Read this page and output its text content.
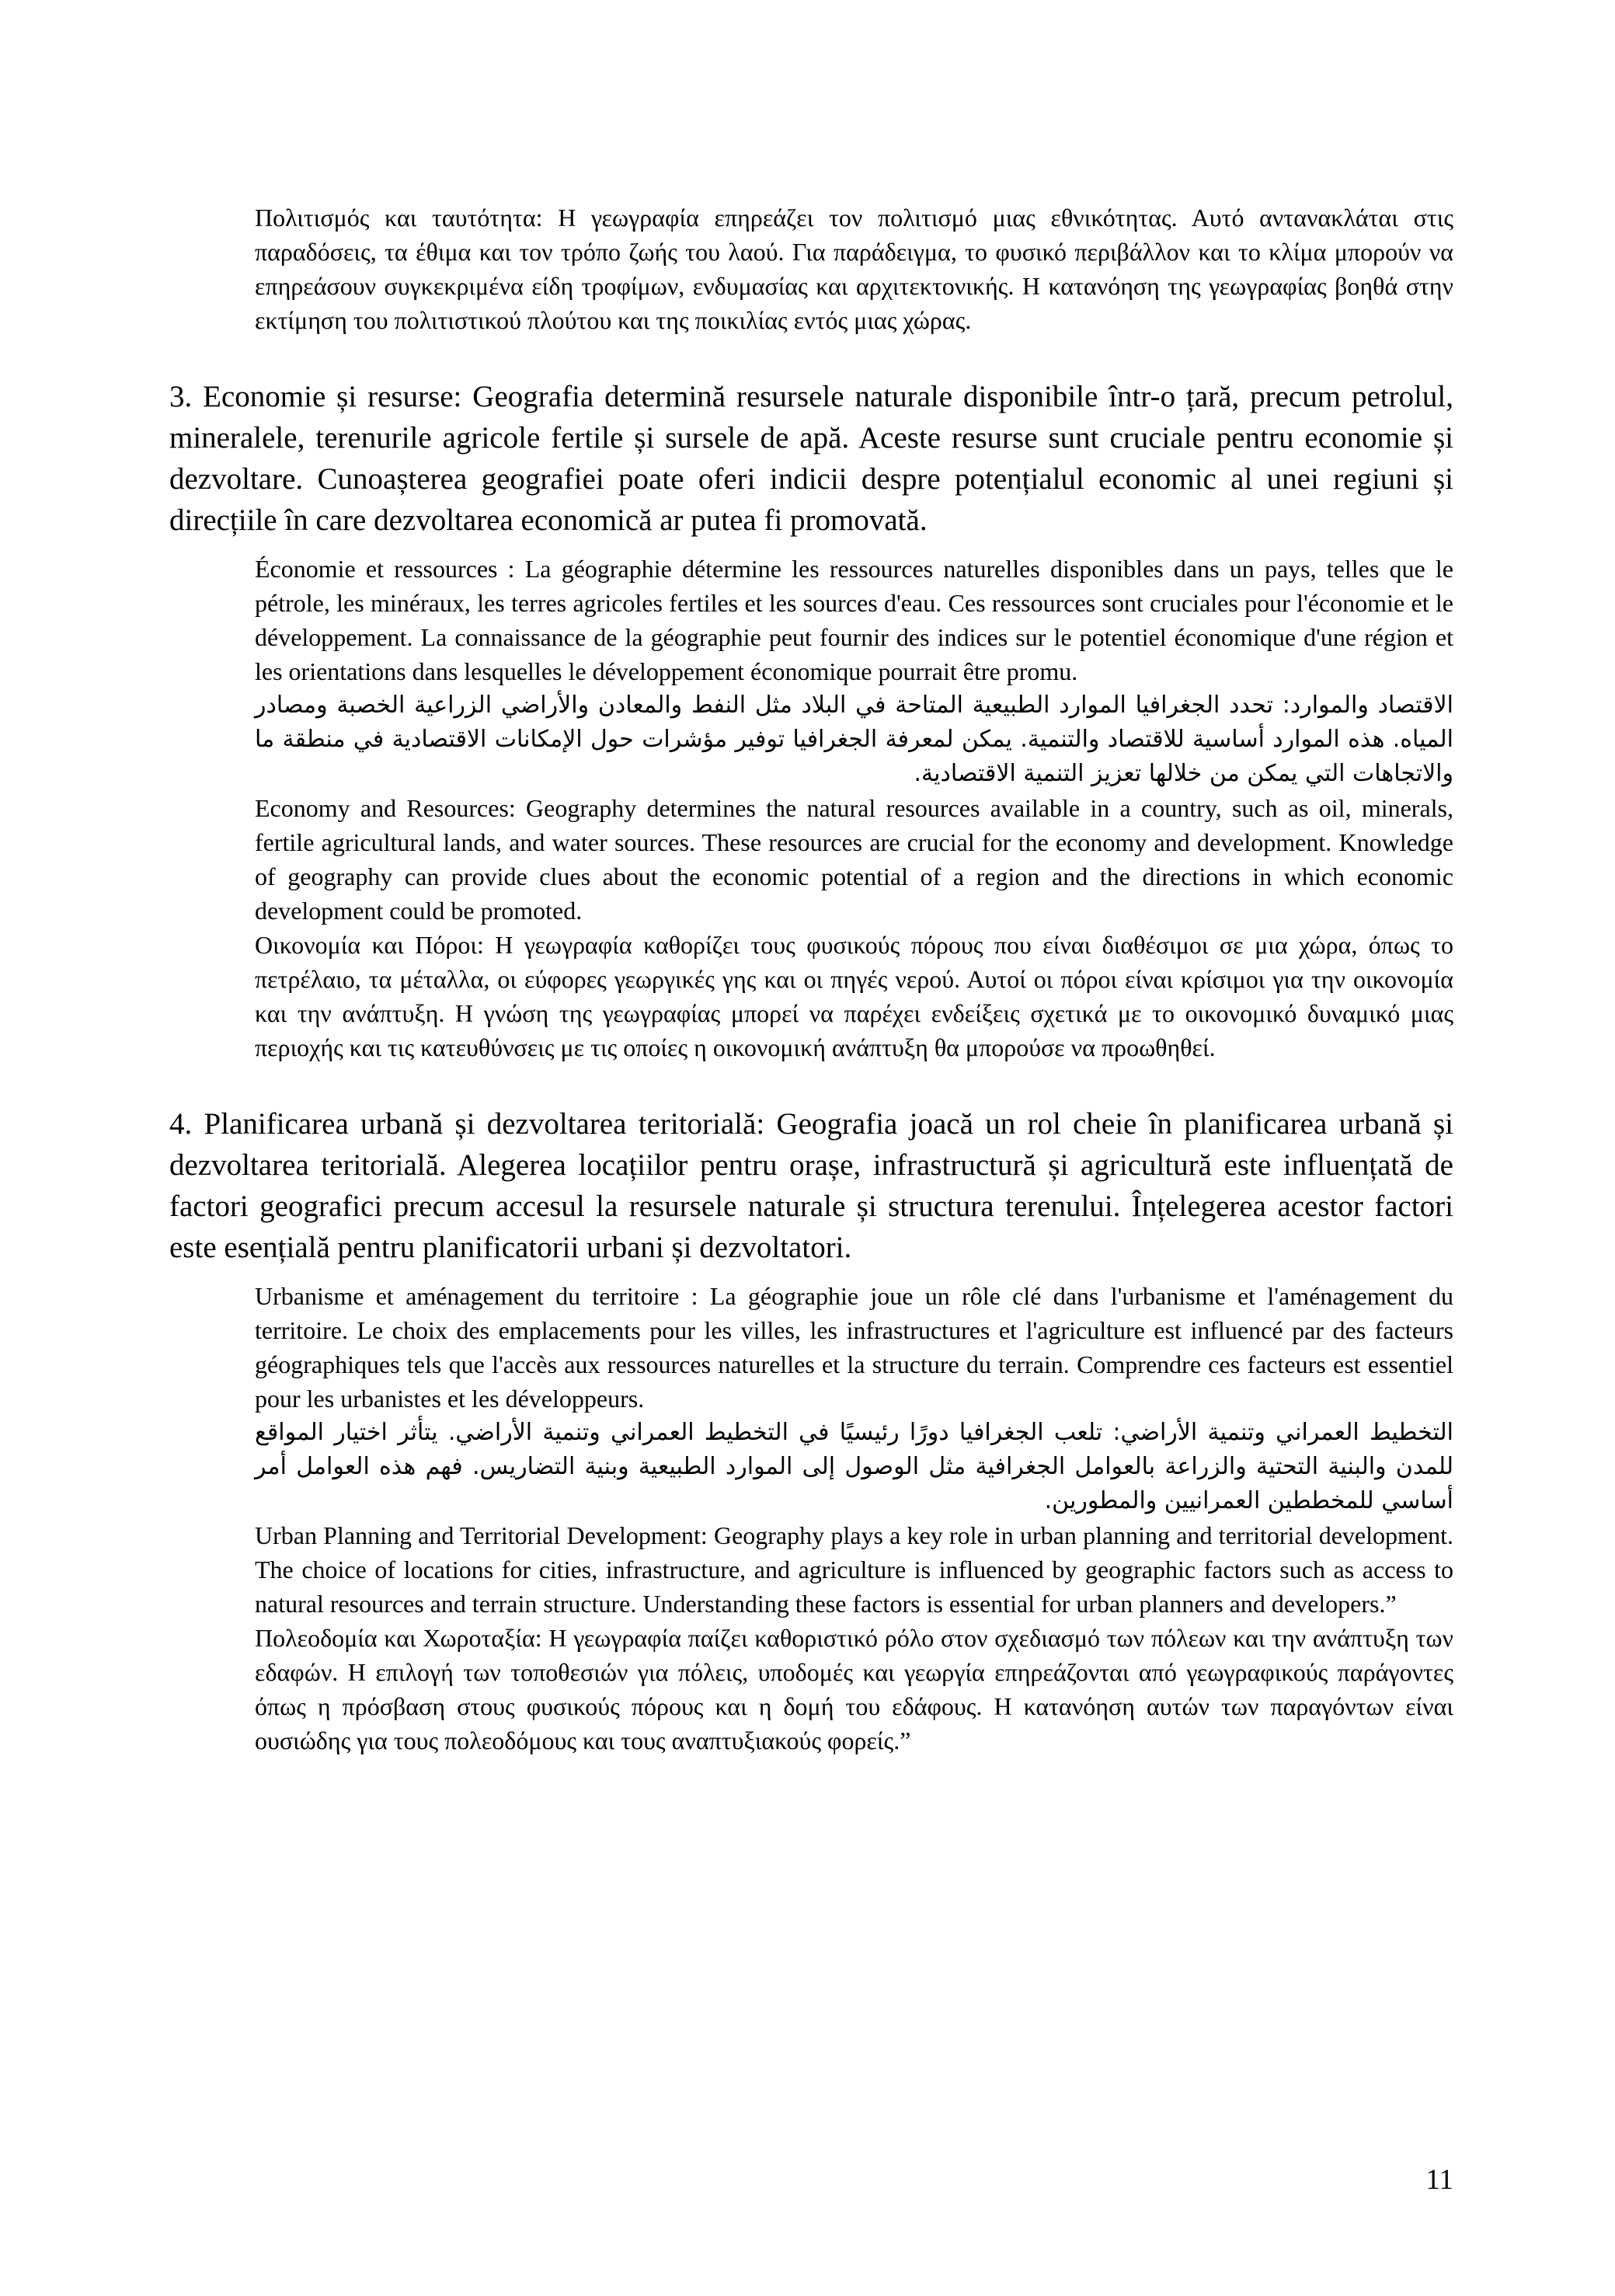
Πολιτισμός και ταυτότητα: Η γεωγραφία επηρεάζει τον πολιτισμό μιας εθνικότητας. Αυτό αντανακλάται στις παραδόσεις, τα έθιμα και τον τρόπο ζωής του λαού. Για παράδειγμα, το φυσικό περιβάλλον και το κλίμα μπορούν να επηρεάσουν συγκεκριμένα είδη τροφίμων, ενδυμασίας και αρχιτεκτονικής. Η κατανόηση της γεωγραφίας βοηθά στην εκτίμηση του πολιτιστικού πλούτου και της ποικιλίας εντός μιας χώρας.

3. Economie și resurse: Geografia determină resursele naturale disponibile într-o țară, precum petrolul, mineralele, terenurile agricole fertile și sursele de apă. Aceste resurse sunt cruciale pentru economie și dezvoltare. Cunoașterea geografiei poate oferi indicii despre potențialul economic al unei regiuni și direcțiile în care dezvoltarea economică ar putea fi promovată.

Économie et ressources : La géographie détermine les ressources naturelles disponibles dans un pays, telles que le pétrole, les minéraux, les terres agricoles fertiles et les sources d'eau. Ces ressources sont cruciales pour l'économie et le développement. La connaissance de la géographie peut fournir des indices sur le potentiel économique d'une région et les orientations dans lesquelles le développement économique pourrait être promu.

الاقتصاد والموارد: تحدد الجغرافيا الموارد الطبيعية المتاحة في البلاد مثل النفط والمعادن والأراضي الزراعية الخصبة ومصادر المياه. هذه الموارد أساسية للاقتصاد والتنمية. يمكن لمعرفة الجغرافيا توفير مؤشرات حول الإمكانات الاقتصادية في منطقة ما والاتجاهات التي يمكن من خلالها تعزيز التنمية الاقتصادية.

Economy and Resources: Geography determines the natural resources available in a country, such as oil, minerals, fertile agricultural lands, and water sources. These resources are crucial for the economy and development. Knowledge of geography can provide clues about the economic potential of a region and the directions in which economic development could be promoted.

Οικονομία και Πόροι: Η γεωγραφία καθορίζει τους φυσικούς πόρους που είναι διαθέσιμοι σε μια χώρα, όπως το πετρέλαιο, τα μέταλλα, οι εύφορες γεωργικές γης και οι πηγές νερού. Αυτοί οι πόροι είναι κρίσιμοι για την οικονομία και την ανάπτυξη. Η γνώση της γεωγραφίας μπορεί να παρέχει ενδείξεις σχετικά με το οικονομικό δυναμικό μιας περιοχής και τις κατευθύνσεις με τις οποίες η οικονομική ανάπτυξη θα μπορούσε να προωθηθεί.

4. Planificarea urbană și dezvoltarea teritorială: Geografia joacă un rol cheie în planificarea urbană și dezvoltarea teritorială. Alegerea locațiilor pentru orașe, infrastructură și agricultură este influențată de factori geografici precum accesul la resursele naturale și structura terenului. Înțelegerea acestor factori este esențială pentru planificatorii urbani și dezvoltatori.

Urbanisme et aménagement du territoire : La géographie joue un rôle clé dans l'urbanisme et l'aménagement du territoire. Le choix des emplacements pour les villes, les infrastructures et l'agriculture est influencé par des facteurs géographiques tels que l'accès aux ressources naturelles et la structure du terrain. Comprendre ces facteurs est essentiel pour les urbanistes et les développeurs.

التخطيط العمراني وتنمية الأراضي: تلعب الجغرافيا دورًا رئيسيًا في التخطيط العمراني وتنمية الأراضي. يتأثر اختيار المواقع للمدن والبنية التحتية والزراعة بالعوامل الجغرافية مثل الوصول إلى الموارد الطبيعية وبنية التضاريس. فهم هذه العوامل أمر أساسي للمخططين العمرانيين والمطورين.

Urban Planning and Territorial Development: Geography plays a key role in urban planning and territorial development. The choice of locations for cities, infrastructure, and agriculture is influenced by geographic factors such as access to natural resources and terrain structure. Understanding these factors is essential for urban planners and developers.”

Πολεοδομία και Χωροταξία: Η γεωγραφία παίζει καθοριστικό ρόλο στον σχεδιασμό των πόλεων και την ανάπτυξη των εδαφών. Η επιλογή των τοποθεσιών για πόλεις, υποδομές και γεωργία επηρεάζονται από γεωγραφικούς παράγοντες όπως η πρόσβαση στους φυσικούς πόρους και η δομή του εδάφους. Η κατανόηση αυτών των παραγόντων είναι ουσιώδης για τους πολεοδόμους και τους αναπτυξιακούς φορείς.”

11
